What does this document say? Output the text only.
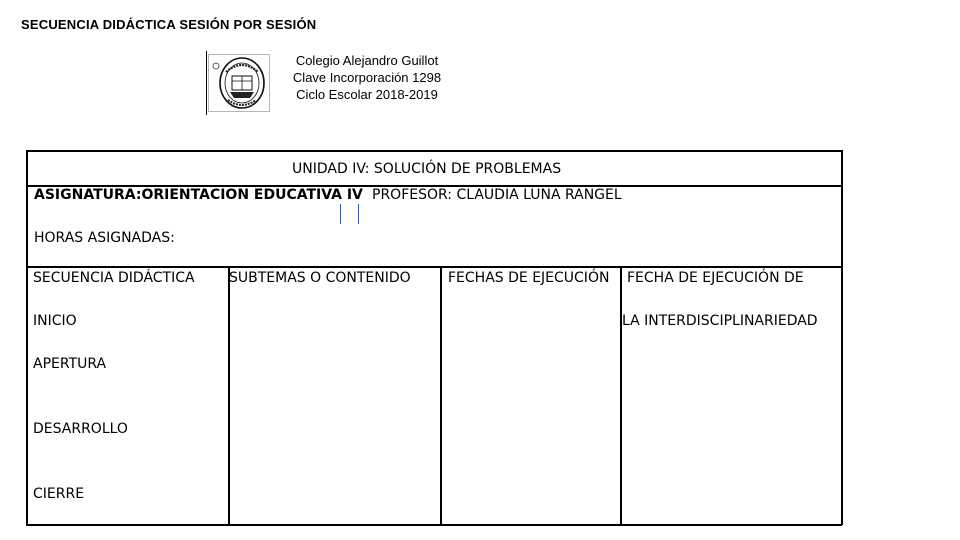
SECUENCIA DIDÁCTICA SESIÓN POR SESIÓN
Colegio Alejandro Guillot
Clave Incorporación 1298
Ciclo Escolar 2018-2019
UNIDAD IV: SOLUCIÓN DE PROBLEMAS
ASIGNATURA:ORIENTACION EDUCATIVA IV PROFESOR: CLAUDIA LUNA RANGEL
HORAS ASIGNADAS:
SECUENCIA DIDÁCTICA SUBTEMAS O CONTENIDO	FECHAS DE EJECUCIÓN FECHA DE EJECUCIÓN DE
LA INTERDISCIPLINARIEDAD
INICIO
APERTURA
DESARROLLO
CIERRE
